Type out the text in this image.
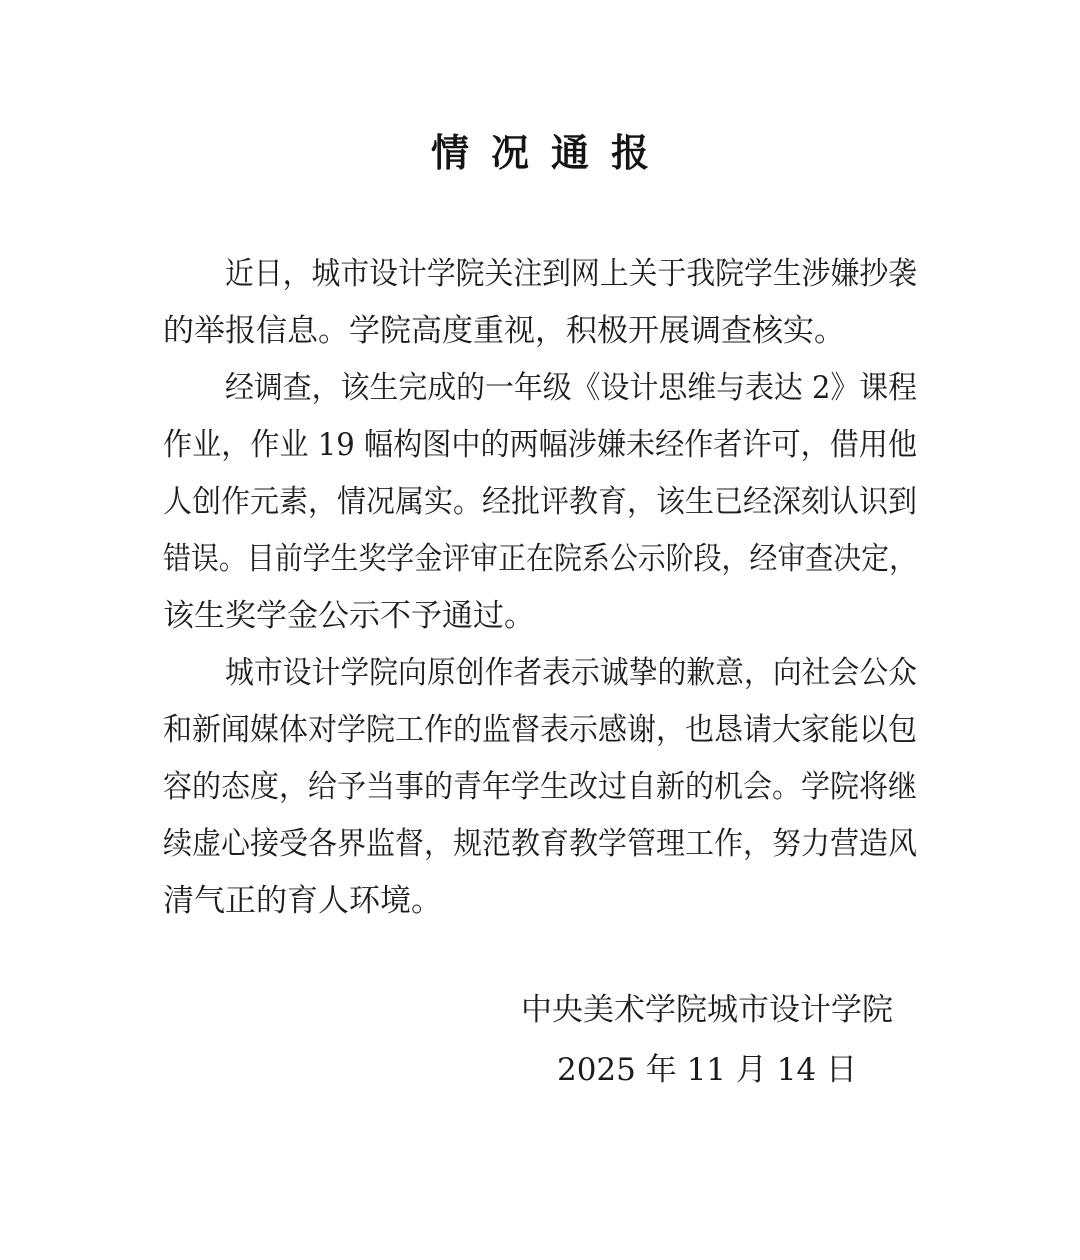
情况通报
近日，城市设计学院关注到网上关于我院学生涉嫌抄袭
的举报信息。学院高度重视，积极开展调查核实。
经调查，该生完成的一年级《设计思维与表达 2》课程
作业，作业 19 幅构图中的两幅涉嫌未经作者许可，借用他
人创作元素，情况属实。经批评教育，该生已经深刻认识到
错误。目前学生奖学金评审正在院系公示阶段，经审查决定，
该生奖学金公示不予通过。
城市设计学院向原创作者表示诚挚的歉意，向社会公众
和新闻媒体对学院工作的监督表示感谢，也恳请大家能以包
容的态度，给予当事的青年学生改过自新的机会。学院将继
续虚心接受各界监督，规范教育教学管理工作，努力营造风
清气正的育人环境。
中央美术学院城市设计学院
2025 年 11 月 14 日
